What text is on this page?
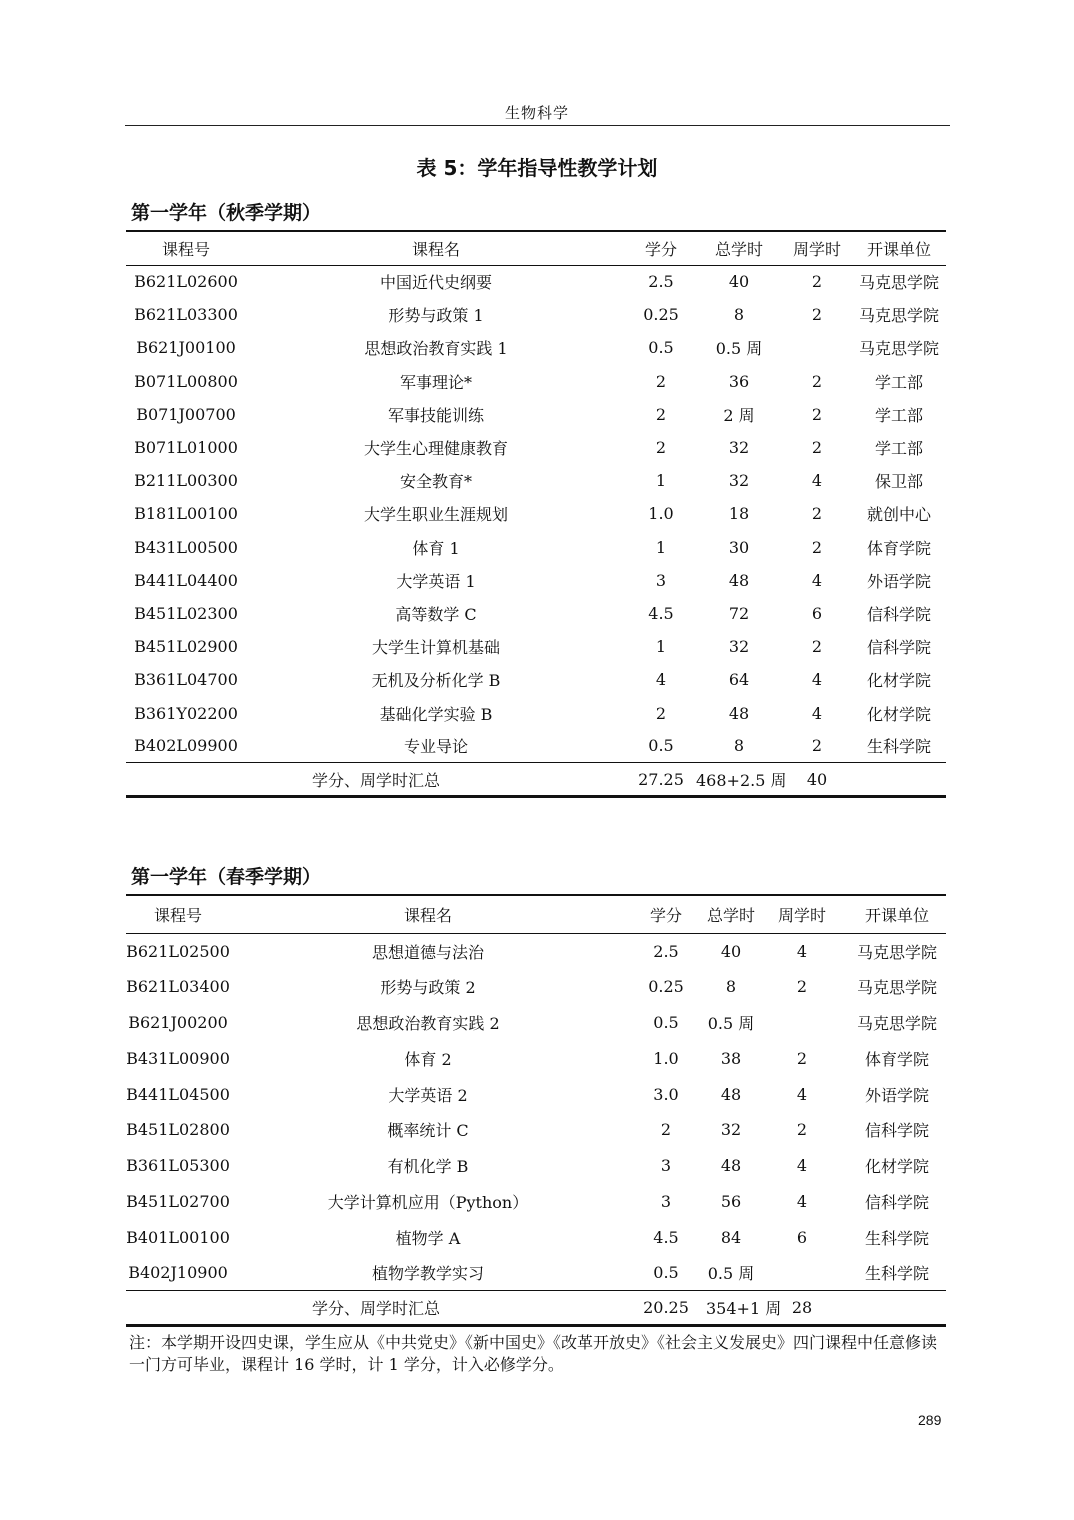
生物科学
表 5：学年指导性教学计划
第一学年（秋季学期）
课程号	课程名	学分	总学时	周学时	开课单位
B621L02600	中国近代史纲要	2.5	40	2	马克思学院
B621L03300	形势与政策 1	0.25	8	2	马克思学院
B621J00100	思想政治教育实践 1	0.5	0.5 周		马克思学院
B071L00800	军事理论*	2	36	2	学工部
B071J00700	军事技能训练	2	2 周	2	学工部
B071L01000	大学生心理健康教育	2	32	2	学工部
B211L00300	安全教育*	1	32	4	保卫部
B181L00100	大学生职业生涯规划	1.0	18	2	就创中心
B431L00500	体育 1	1	30	2	体育学院
B441L04400	大学英语 1	3	48	4	外语学院
B451L02300	高等数学 C	4.5	72	6	信科学院
B451L02900	大学生计算机基础	1	32	2	信科学院
B361L04700	无机及分析化学 B	4	64	4	化材学院
B361Y02200	基础化学实验 B	2	48	4	化材学院
B402L09900	专业导论	0.5	8	2	生科学院
学分、周学时汇总		27.25	468+2.5 周	40	
第一学年（春季学期）
课程号	课程名	学分	总学时	周学时	开课单位
B621L02500	思想道德与法治	2.5	40	4	马克思学院
B621L03400	形势与政策 2	0.25	8	2	马克思学院
B621J00200	思想政治教育实践 2	0.5	0.5 周		马克思学院
B431L00900	体育 2	1.0	38	2	体育学院
B441L04500	大学英语 2	3.0	48	4	外语学院
B451L02800	概率统计 C	2	32	2	信科学院
B361L05300	有机化学 B	3	48	4	化材学院
B451L02700	大学计算机应用（Python）	3	56	4	信科学院
B401L00100	植物学 A	4.5	84	6	生科学院
B402J10900	植物学教学实习	0.5	0.5 周		生科学院
学分、周学时汇总		20.25	354+1 周	28	
注：本学期开设四史课，学生应从《中共党史》《新中国史》《改革开放史》《社会主义发展史》四门课程中任意修读一门方可毕业，课程计 16 学时，计 1 学分，计入必修学分。
289
